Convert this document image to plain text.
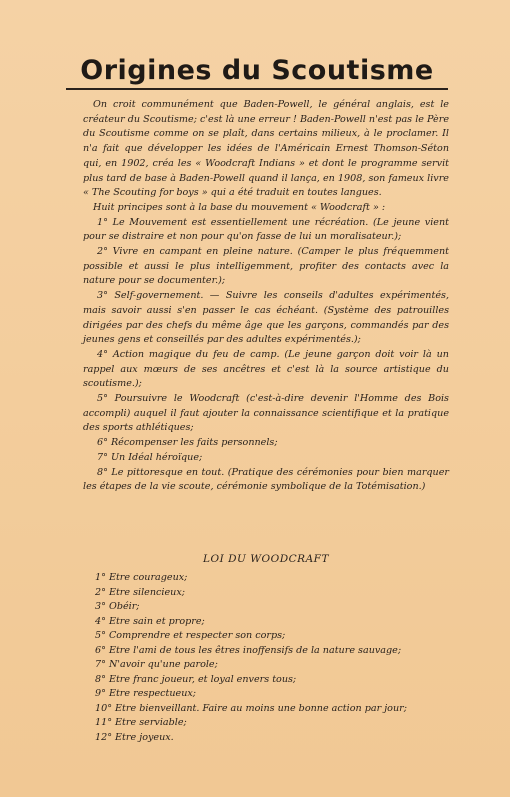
Origines du Scoutisme

On croit communément que Baden-Powell, le général anglais, est le créateur du Scoutisme; c'est là une erreur ! Baden-Powell n'est pas le Père du Scoutisme comme on se plaît, dans certains milieux, à le proclamer. Il n'a fait que développer les idées de l'Américain Ernest Thomson-Séton qui, en 1902, créa les « Woodcraft Indians » et dont le programme servit plus tard de base à Baden-Powell quand il lança, en 1908, son fameux livre « The Scouting for boys » qui a été traduit en toutes langues.

Huit principes sont à la base du mouvement « Woodcraft » :

1° Le Mouvement est essentiellement une récréation. (Le jeune vient pour se distraire et non pour qu'on fasse de lui un moralisateur.);

2° Vivre en campant en pleine nature. (Camper le plus fréquemment possible et aussi le plus intelligemment, profiter des contacts avec la nature pour se documenter.);

3° Self-governement. — Suivre les conseils d'adultes expérimentés, mais savoir aussi s'en passer le cas échéant. (Système des patrouilles dirigées par des chefs du même âge que les garçons, commandés par des jeunes gens et conseillés par des adultes expérimentés.);

4° Action magique du feu de camp. (Le jeune garçon doit voir là un rappel aux mœurs de ses ancêtres et c'est là la source artistique du scoutisme.);

5° Poursuivre le Woodcraft (c'est-à-dire devenir l'Homme des Bois accompli) auquel il faut ajouter la connaissance scientifique et la pratique des sports athlétiques;

6° Récompenser les faits personnels;

7° Un Idéal héroïque;

8° Le pittoresque en tout. (Pratique des cérémonies pour bien marquer les étapes de la vie scoute, cérémonie symbolique de la Totémisation.)

LOI DU WOODCRAFT
1° Etre courageux;
2° Etre silencieux;
3° Obéir;
4° Etre sain et propre;
5° Comprendre et respecter son corps;
6° Etre l'ami de tous les êtres inoffensifs de la nature sauvage;
7° N'avoir qu'une parole;
8° Etre franc joueur, et loyal envers tous;
9° Etre respectueux;
10° Etre bienveillant. Faire au moins une bonne action par jour;
11° Etre serviable;
12° Etre joyeux.
